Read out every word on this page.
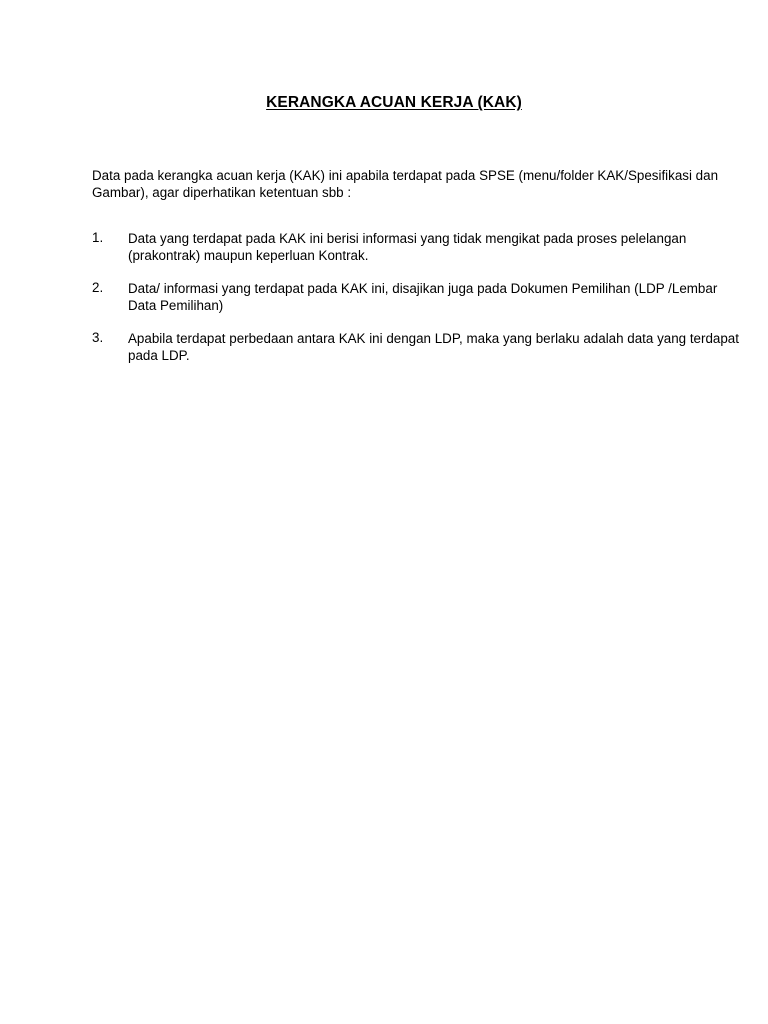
KERANGKA ACUAN KERJA (KAK)
Data pada kerangka acuan kerja (KAK) ini apabila terdapat pada SPSE (menu/folder KAK/Spesifikasi dan Gambar), agar diperhatikan ketentuan sbb :
1. Data yang terdapat pada KAK ini berisi informasi yang tidak mengikat pada proses pelelangan (prakontrak) maupun keperluan Kontrak.
2. Data/ informasi yang terdapat pada KAK ini, disajikan juga pada Dokumen Pemilihan (LDP /Lembar Data Pemilihan)
3. Apabila terdapat perbedaan antara KAK ini dengan LDP, maka yang berlaku adalah data yang terdapat pada LDP.
